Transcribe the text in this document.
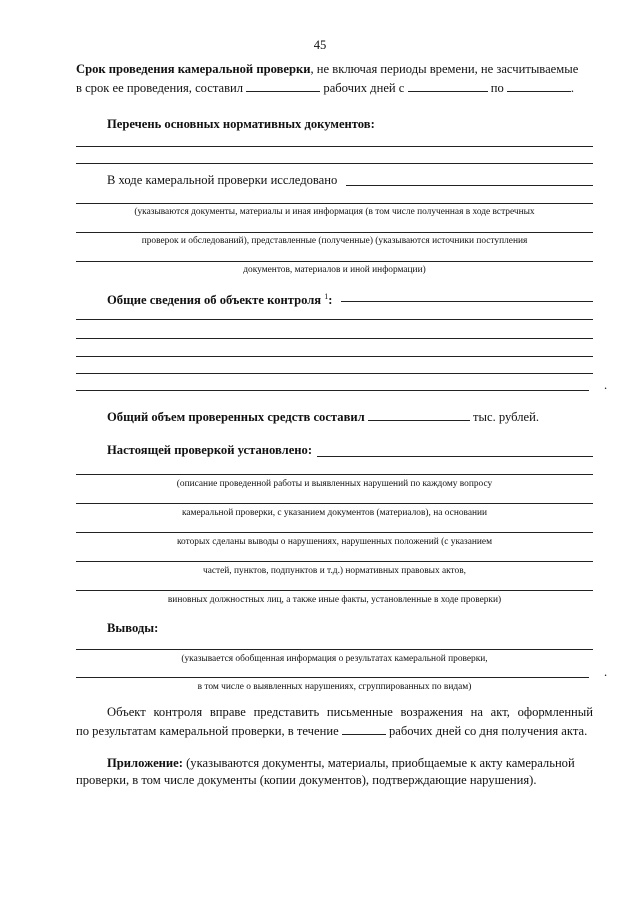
45
Срок проведения камеральной проверки, не включая периоды времени, не засчитываемые
в срок ее проведения, составил	рабочих дней с	по	.
Перечень основных нормативных документов:
В ходе камеральной проверки исследовано
(указываются документы, материалы и иная информация (в том числе полученная в ходе встречных
проверок и обследований), представленные (полученные) (указываются источники поступления
документов, материалов и иной информации)
Общие сведения об объекте контроля $^1$:
.
Общий объем проверенных средств составил	тыс. рублей.
Настоящей проверкой установлено:
(описание проведенной работы и выявленных нарушений по каждому вопросу
камеральной проверки, с указанием документов (материалов), на основании
которых сделаны выводы о нарушениях, нарушенных положений (с указанием
частей, пунктов, подпунктов и т.д.) нормативных правовых актов,
виновных должностных лиц, а также иные факты, установленные в ходе проверки)
Выводы:
(указывается обобщенная информация о результатах камеральной проверки,
.
в том числе о выявленных нарушениях, сгруппированных по видам)
Объект контроля вправе представить письменные возражения на акт, оформленный
по результатам камеральной проверки, в течение	рабочих дней со дня получения акта.
Приложение: (указываются документы, материалы, приобщаемые к акту камеральной
проверки, в том числе документы (копии документов), подтверждающие нарушения).
